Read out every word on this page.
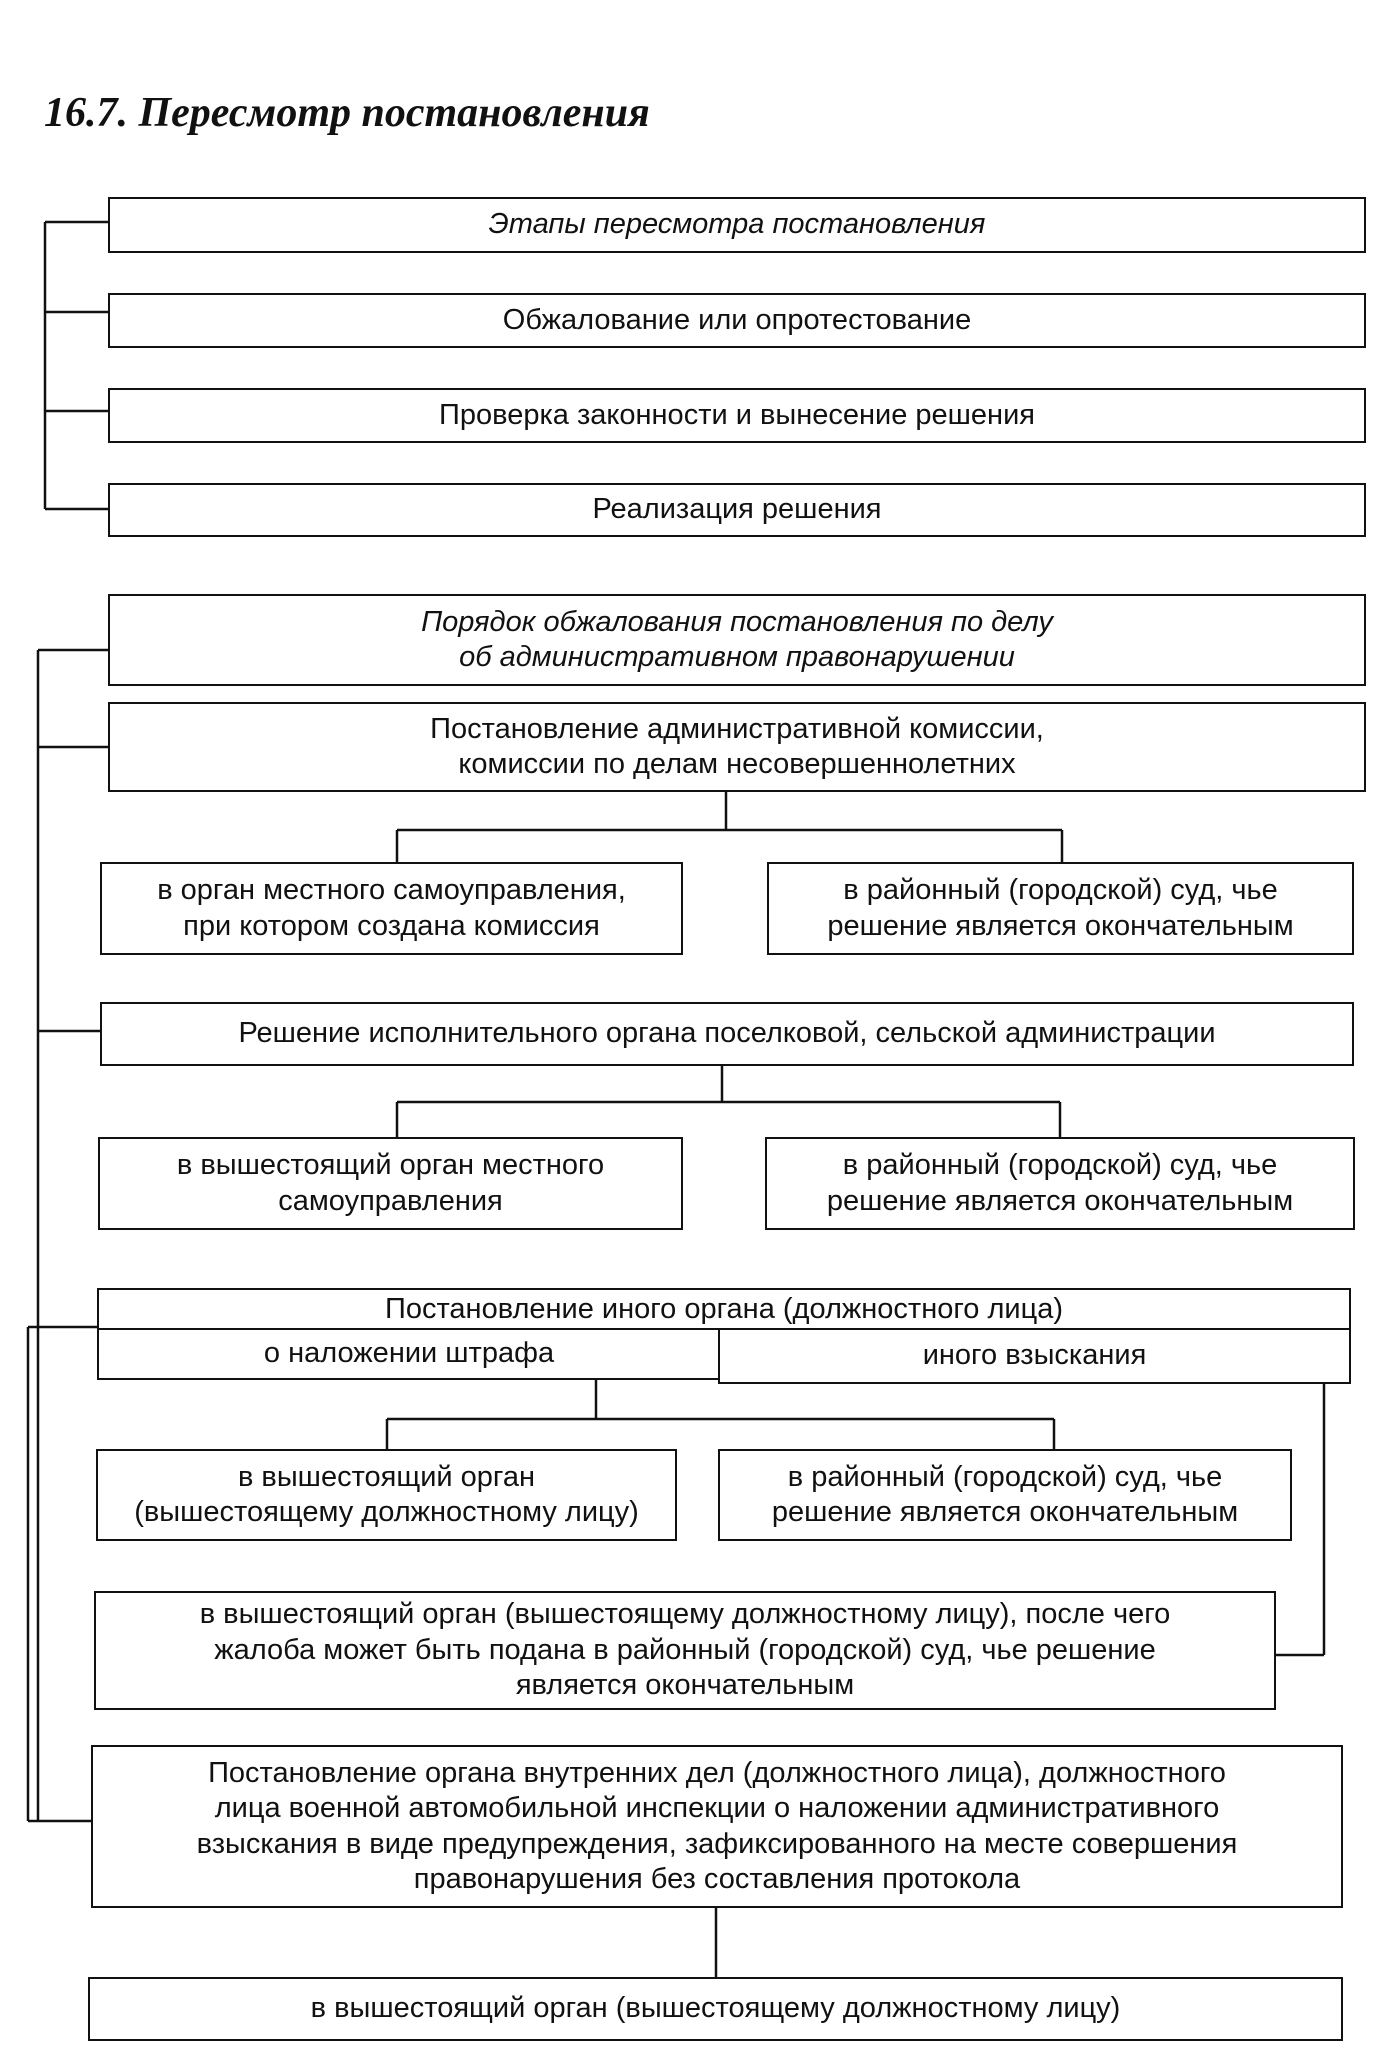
16.7. Пересмотр постановления
Этапы пересмотра постановления
Обжалование или опротестование
Проверка законности и вынесение решения
Реализация решения
Порядок обжалования постановления по делу
об административном правонарушении
Постановление административной комиссии,
комиссии по делам несовершеннолетних
в орган местного самоуправления,
при котором создана комиссия
в районный (городской) суд, чье
решение является окончательным
Решение исполнительного органа поселковой, сельской администрации
в вышестоящий орган местного
самоуправления
в районный (городской) суд, чье
решение является окончательным
Постановление иного органа (должностного лица)
о наложении штрафа	иного взыскания
в вышестоящий орган
(вышестоящему должностному лицу)
в районный (городской) суд, чье
решение является окончательным
в вышестоящий орган (вышестоящему должностному лицу), после чего
жалоба может быть подана в районный (городской) суд, чье решение
является окончательным
Постановление органа внутренних дел (должностного лица), должностного
лица военной автомобильной инспекции о наложении административного
взыскания в виде предупреждения, зафиксированного на месте совершения
правонарушения без составления протокола
в вышестоящий орган (вышестоящему должностному лицу)
